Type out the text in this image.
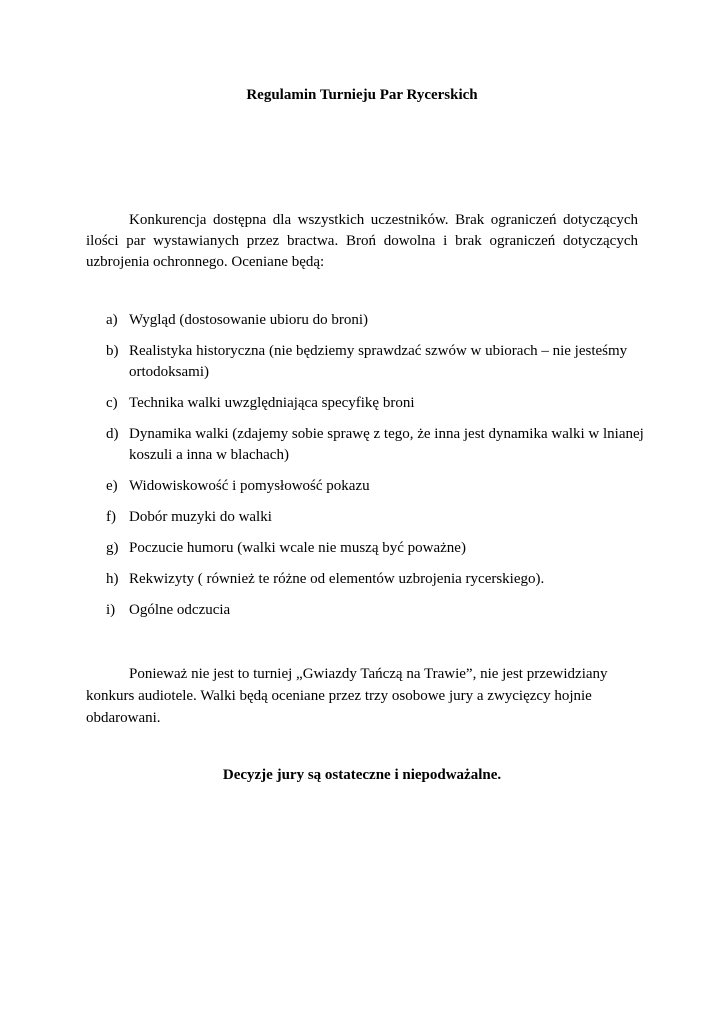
Regulamin Turnieju Par Rycerskich

Konkurencja dostępna dla wszystkich uczestników. Brak ograniczeń dotyczących ilości par wystawianych przez bractwa. Broń dowolna i brak ograniczeń dotyczących uzbrojenia ochronnego. Oceniane będą:

a) Wygląd (dostosowanie ubioru do broni)
b) Realistyka historyczna (nie będziemy sprawdzać szwów w ubiorach – nie jesteśmy ortodoksami)
c) Technika walki uwzględniająca specyfikę broni
d) Dynamika walki (zdajemy sobie sprawę z tego, że inna jest dynamika walki w lnianej koszuli a inna w blachach)
e) Widowiskowość i pomysłowość pokazu
f) Dobór muzyki do walki
g) Poczucie humoru (walki wcale nie muszą być poważne)
h) Rekwizyty ( również te różne od elementów uzbrojenia rycerskiego).
i) Ogólne odczucia

Ponieważ nie jest to turniej „Gwiazdy Tańczą na Trawie”, nie jest przewidziany konkurs audiotele. Walki będą oceniane przez trzy osobowe jury a zwycięzcy hojnie obdarowani.

Decyzje jury są ostateczne i niepodważalne.
